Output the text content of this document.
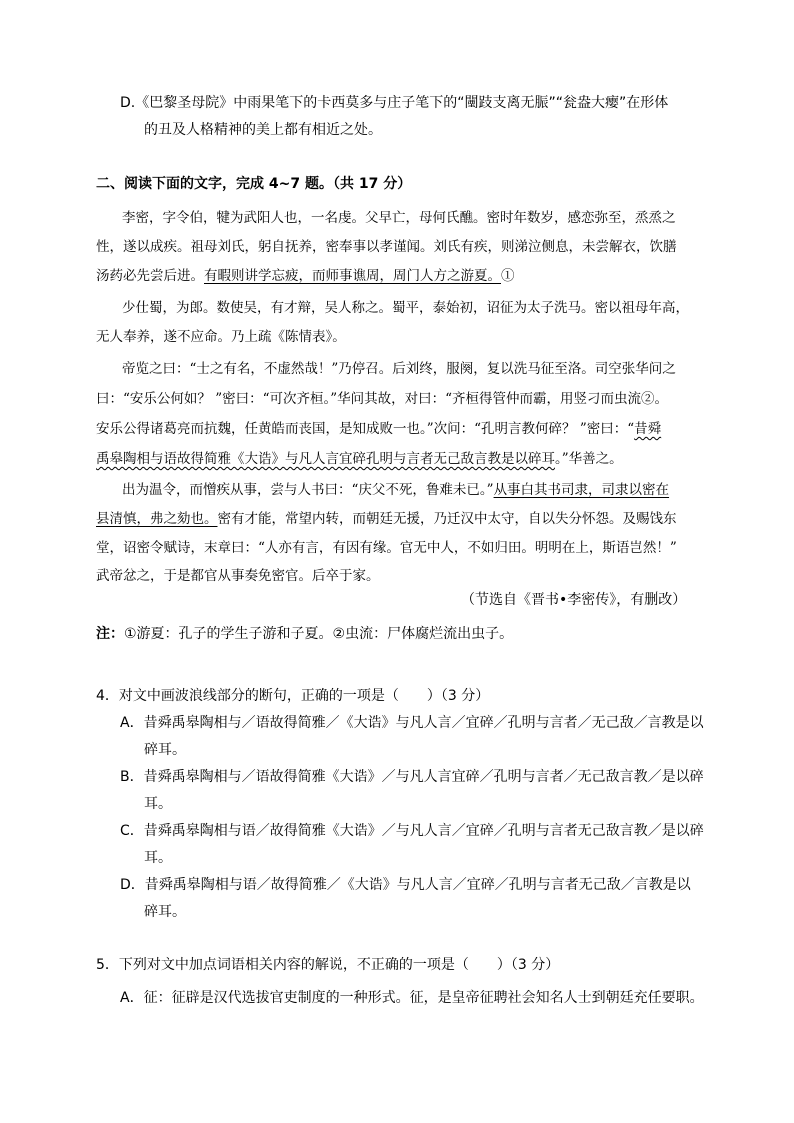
D.《巴黎圣母院》中雨果笔下的卡西莫多与庄子笔下的“闉跂支离无脤”“瓮盎大瘿”在形体
的丑及人格精神的美上都有相近之处。
二、阅读下面的文字，完成 4~7 题。（共 17 分）
李密，字令伯，犍为武阳人也，一名虔。父早亡，母何氏醮。密时年数岁，感恋弥至，烝烝之
性，遂以成疾。祖母刘氏，躬自抚养，密奉事以孝谨闻。刘氏有疾，则涕泣侧息，未尝解衣，饮膳
汤药必先尝后进。有暇则讲学忘疲，而师事谯周，周门人方之游夏。①
少仕蜀，为郎。数使吴，有才辩，吴人称之。蜀平，泰始初，诏征为太子洗马。密以祖母年高，
无人奉养，遂不应命。乃上疏《陈情表》。
帝览之曰：“士之有名，不虚然哉！”乃停召。后刘终，服阕，复以洗马征至洛。司空张华问之
曰：“安乐公何如？ ”密曰：“可次齐桓。”华问其故，对曰：“齐桓得管仲而霸，用竖刁而虫流②。
安乐公得诸葛亮而抗魏，任黄皓而丧国，是知成败一也。”次问：“孔明言教何碎？ ”密曰：“昔舜
禹皋陶相与语故得简雅《大诰》与凡人言宜碎孔明与言者无己敌言教是以碎耳。”华善之。
出为温令，而憎疾从事，尝与人书曰：“庆父不死，鲁难未已。”从事白其书司隶，司隶以密在
县清慎，弗之劾也。密有才能，常望内转，而朝廷无援，乃迁汉中太守，自以失分怀怨。及赐饯东
堂，诏密令赋诗，末章曰：“人亦有言，有因有缘。官无中人，不如归田。明明在上，斯语岂然！”
武帝忿之，于是都官从事奏免密官。后卒于家。
（节选自《晋书•李密传》，有删改）
注：①游夏：孔子的学生子游和子夏。②虫流：尸体腐烂流出虫子。
4．对文中画波浪线部分的断句，正确的一项是（　　）（3 分）
A．昔舜禹皋陶相与／语故得简雅／《大诰》与凡人言／宜碎／孔明与言者／无己敌／言教是以
碎耳。
B．昔舜禹皋陶相与／语故得简雅《大诰》／与凡人言宜碎／孔明与言者／无己敌言教／是以碎
耳。
C．昔舜禹皋陶相与语／故得简雅《大诰》／与凡人言／宜碎／孔明与言者无己敌言教／是以碎
耳。
D．昔舜禹皋陶相与语／故得简雅／《大诰》与凡人言／宜碎／孔明与言者无己敌／言教是以
碎耳。
5．下列对文中加点词语相关内容的解说，不正确的一项是（　　）（3 分）
A．征：征辟是汉代选拔官吏制度的一种形式。征，是皇帝征聘社会知名人士到朝廷充任要职。
